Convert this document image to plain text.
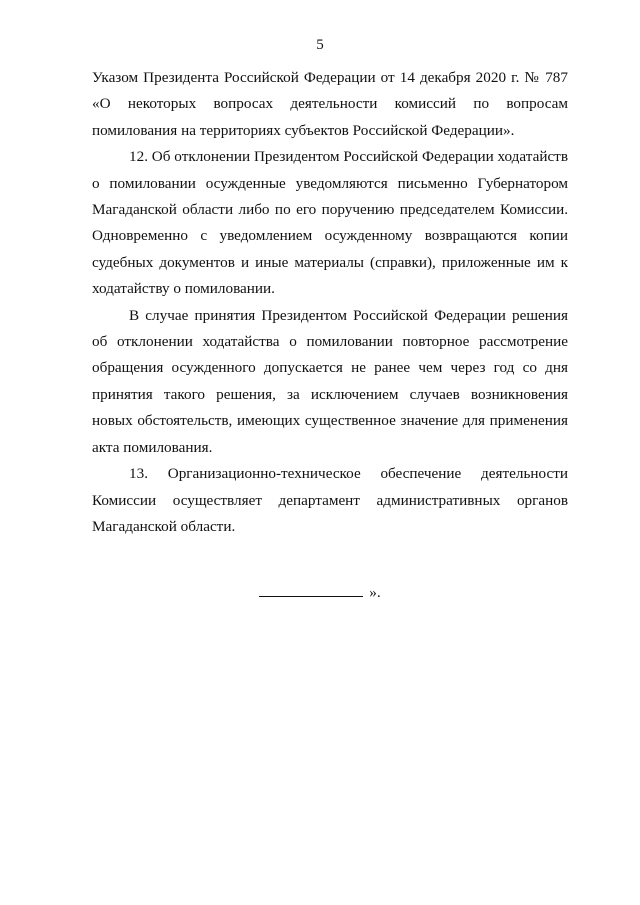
5

Указом Президента Российской Федерации от 14 декабря 2020 г. № 787 «О некоторых вопросах деятельности комиссий по вопросам помилования на территориях субъектов Российской Федерации».

12. Об отклонении Президентом Российской Федерации ходатайств о помиловании осужденные уведомляются письменно Губернатором Магаданской области либо по его поручению председателем Комиссии. Одновременно с уведомлением осужденному возвращаются копии судебных документов и иные материалы (справки), приложенные им к ходатайству о помиловании.

В случае принятия Президентом Российской Федерации решения об отклонении ходатайства о помиловании повторное рассмотрение обращения осужденного допускается не ранее чем через год со дня принятия такого решения, за исключением случаев возникновения новых обстоятельств, имеющих существенное значение для применения акта помилования.

13. Организационно-техническое обеспечение деятельности Комиссии осуществляет департамент административных органов Магаданской области.

».
